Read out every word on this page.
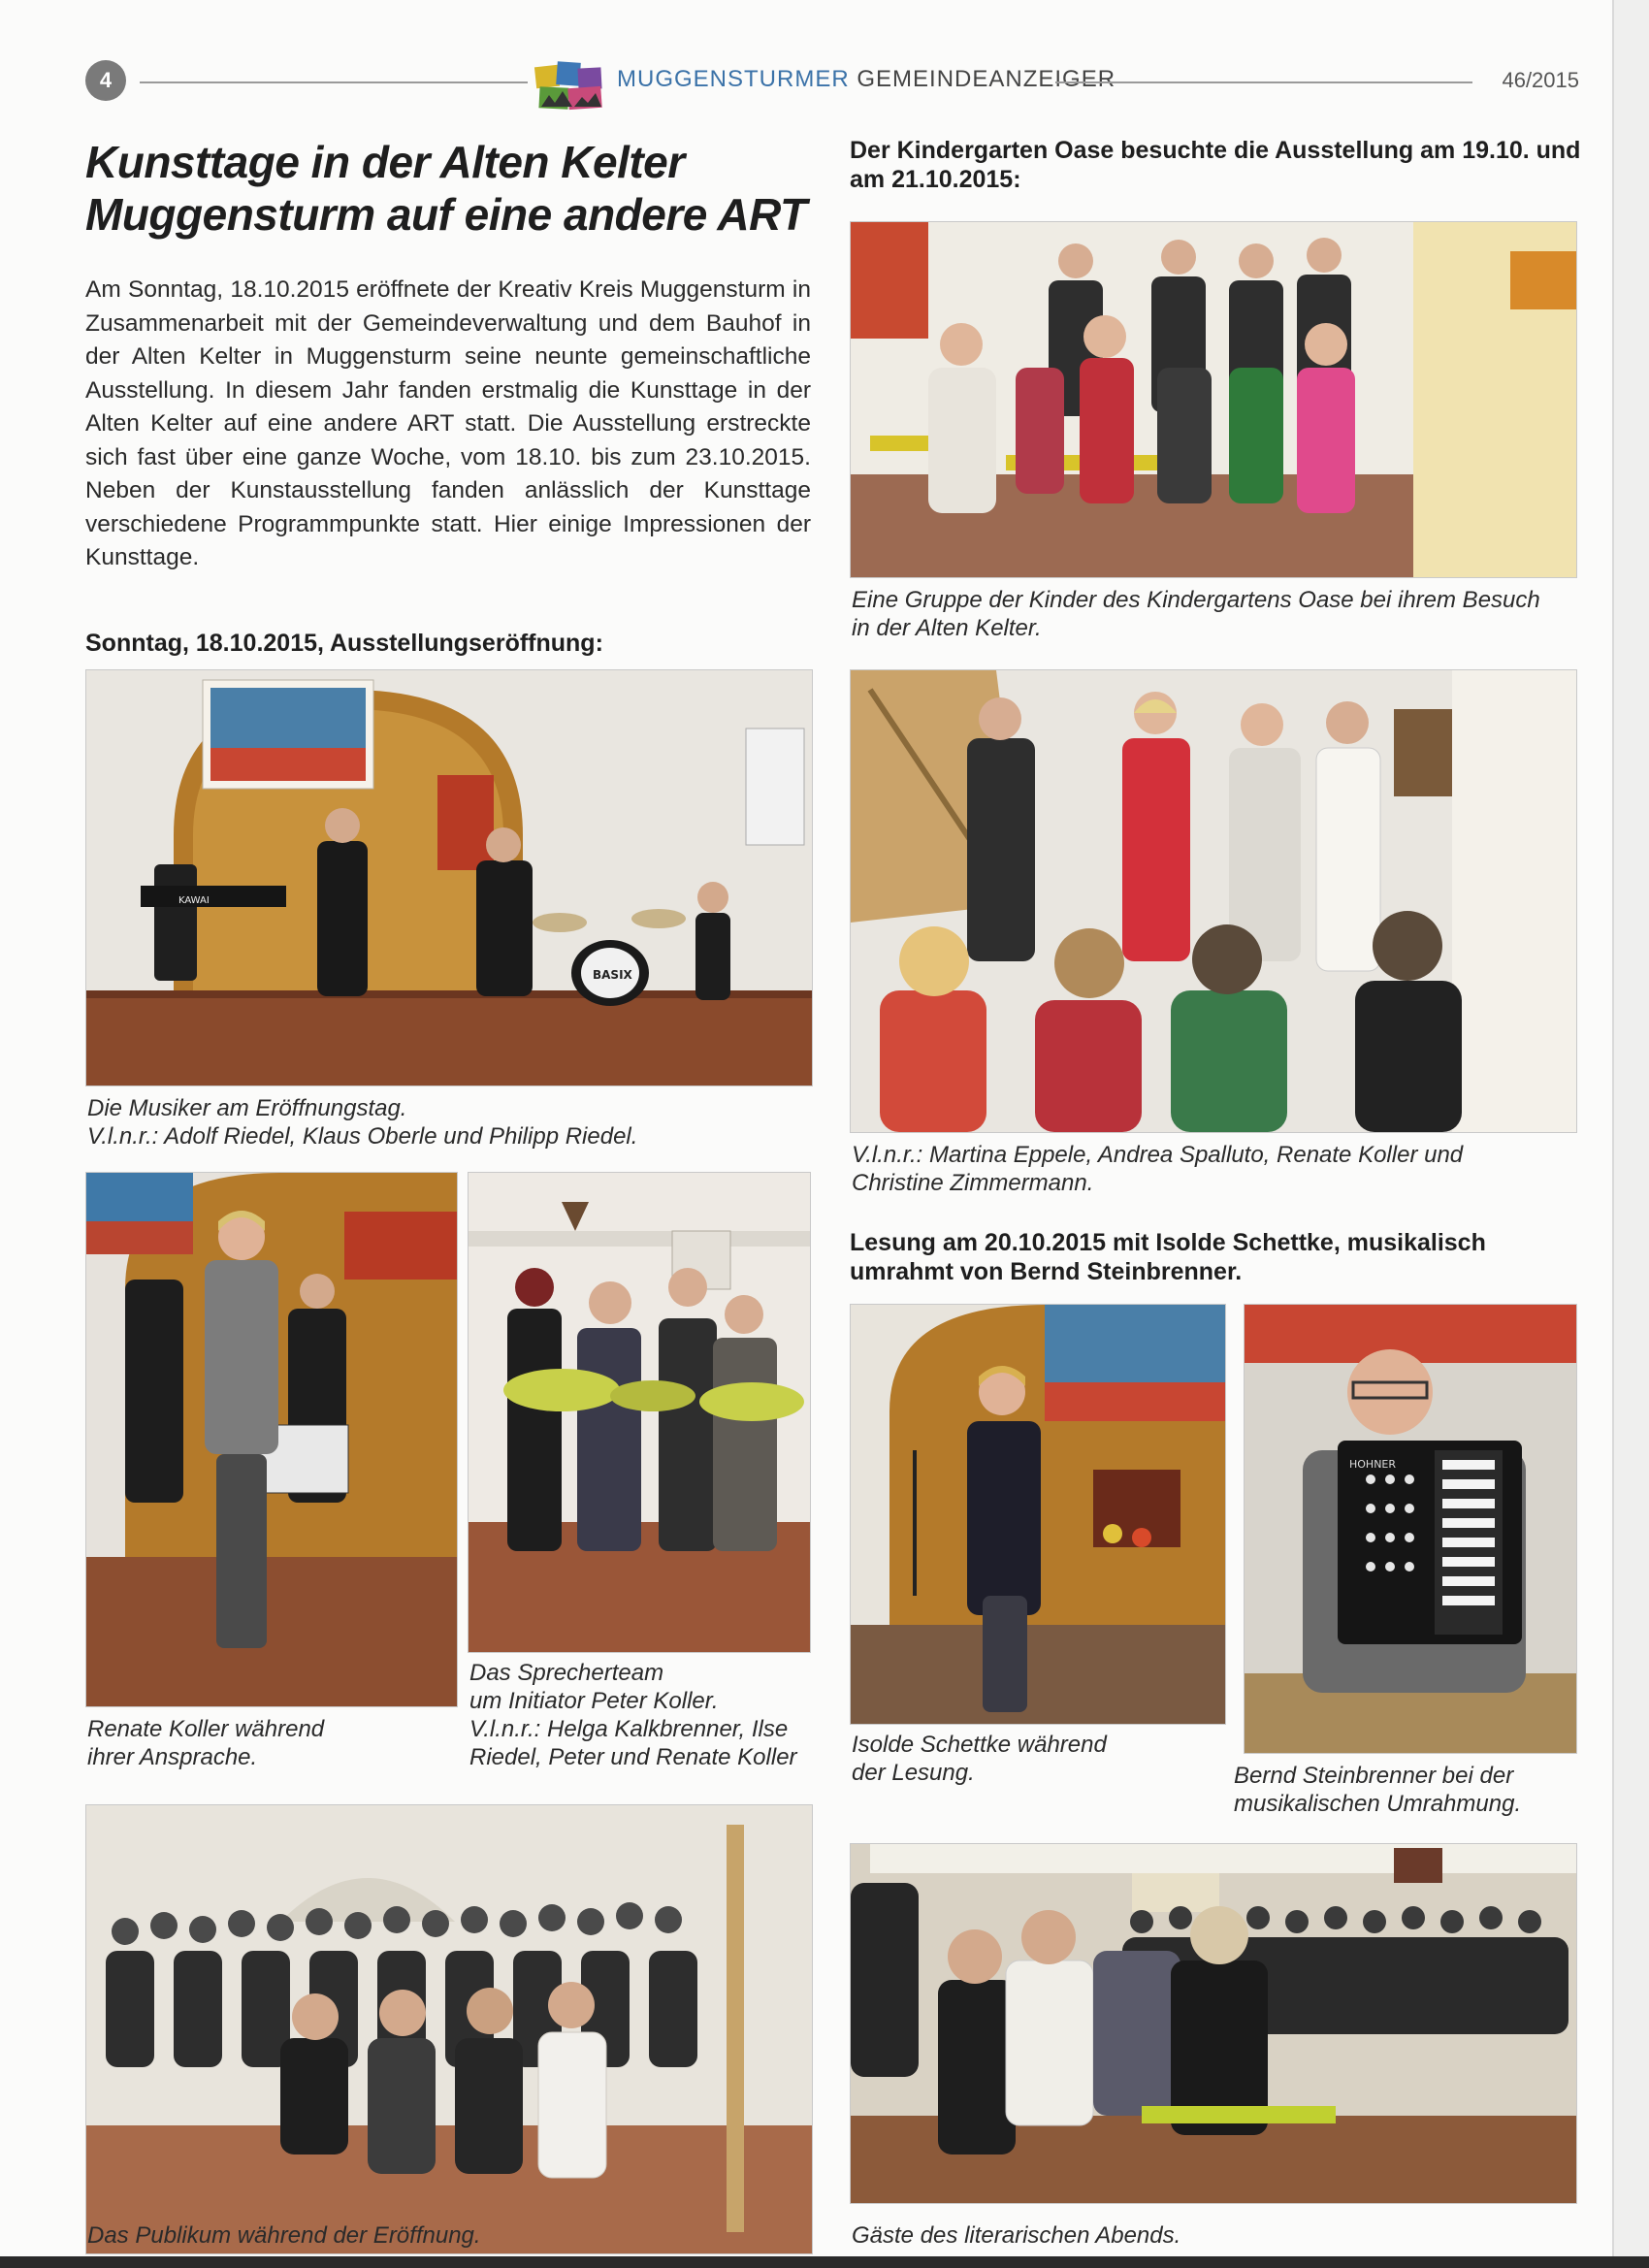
4	MUGGENSTURMER GEMEINDEANZEIGER	46/2015
Kunsttage in der Alten Kelter
Muggensturm auf eine andere ART

Am Sonntag, 18.10.2015 eröffnete der Kreativ Kreis Muggensturm in Zusammenarbeit mit der Gemeindeverwaltung und dem Bauhof in der Alten Kelter in Muggensturm seine neunte gemeinschaftliche Ausstellung. In diesem Jahr fanden erstmalig die Kunsttage in der Alten Kelter auf eine andere ART statt. Die Ausstellung erstreckte sich fast über eine ganze Woche, vom 18.10. bis zum 23.10.2015. Neben der Kunstausstellung fanden anlässlich der Kunsttage verschiedene Programmpunkte statt. Hier einige Impressionen der Kunsttage.

Sonntag, 18.10.2015, Ausstellungseröffnung:
KAWAI
BASIX

Die Musiker am Eröffnungstag.
V.l.n.r.: Adolf Riedel, Klaus Oberle und Philipp Riedel.

Renate Koller während
ihrer Ansprache.

Das Sprecherteam
um Initiator Peter Koller.
V.l.n.r.: Helga Kalkbrenner, Ilse
Riedel, Peter und Renate Koller

Das Publikum während der Eröffnung.

Der Kindergarten Oase besuchte die Ausstellung am 19.10. und am 21.10.2015:

Eine Gruppe der Kinder des Kindergartens Oase bei ihrem Besuch
in der Alten Kelter.

V.l.n.r.: Martina Eppele, Andrea Spalluto, Renate Koller und
Christine Zimmermann.

Lesung am 20.10.2015 mit Isolde Schettke, musikalisch umrahmt von Bernd Steinbrenner.

Isolde Schettke während
der Lesung.

HOHNER

Bernd Steinbrenner bei der
musikalischen Umrahmung.

Gäste des literarischen Abends.
